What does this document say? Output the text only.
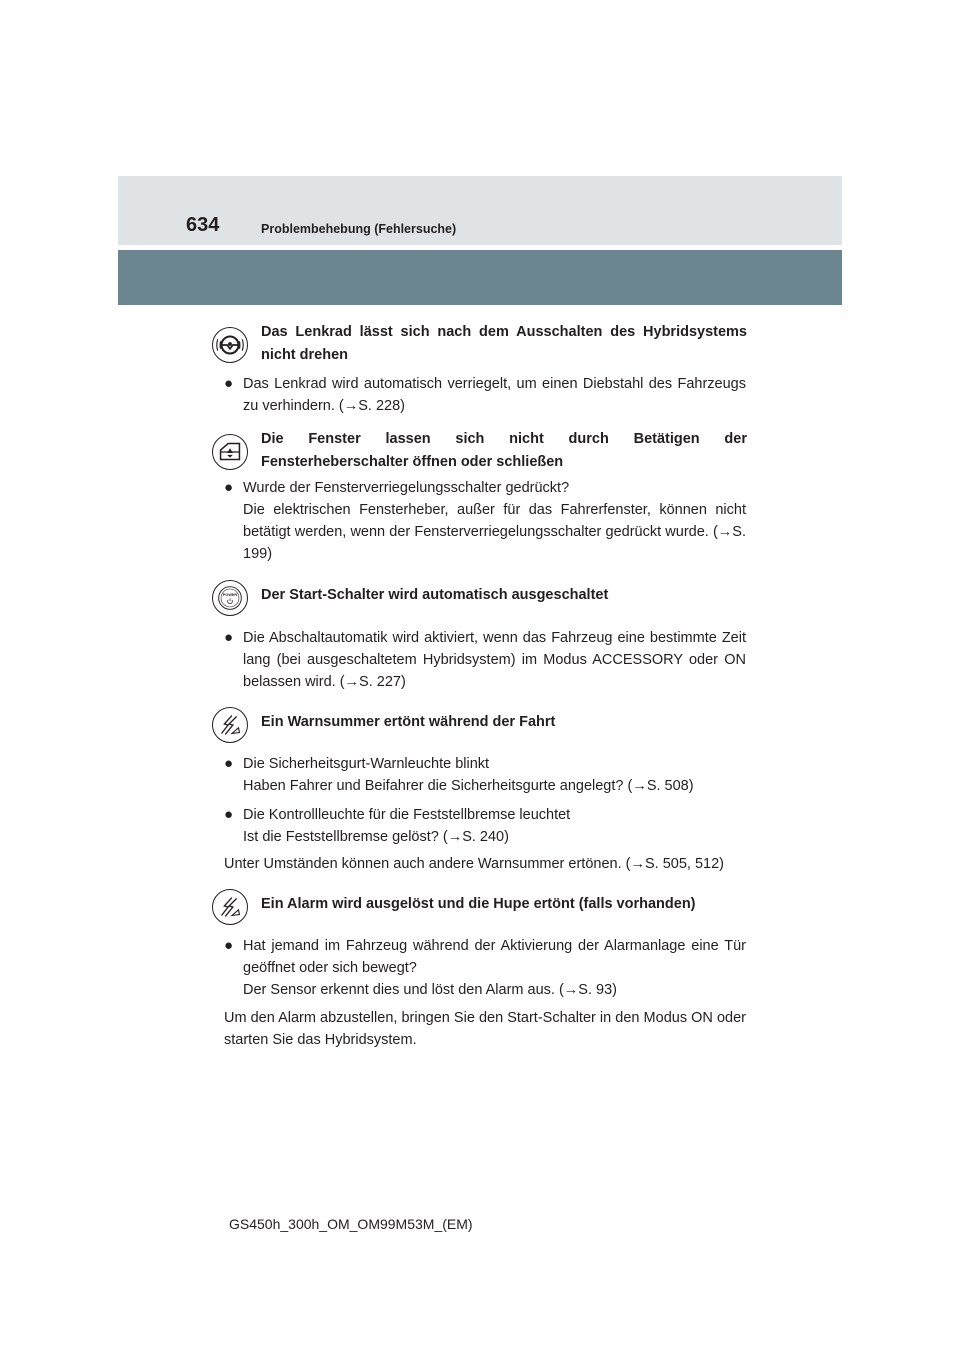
634	Problembehebung (Fehlersuche)
Das Lenkrad lässt sich nach dem Ausschalten des Hybridsystems nicht drehen
● Das Lenkrad wird automatisch verriegelt, um einen Diebstahl des Fahrzeugs zu verhindern. (→S. 228)
Die Fenster lassen sich nicht durch Betätigen der Fensterheberschalter öffnen oder schließen
● Wurde der Fensterverriegelungsschalter gedrückt?
Die elektrischen Fensterheber, außer für das Fahrerfenster, können nicht betätigt werden, wenn der Fensterverriegelungsschalter gedrückt wurde. (→S. 199)
POWER Der Start-Schalter wird automatisch ausgeschaltet
● Die Abschaltautomatik wird aktiviert, wenn das Fahrzeug eine bestimmte Zeit lang (bei ausgeschaltetem Hybridsystem) im Modus ACCESSORY oder ON belassen wird. (→S. 227)
Ein Warnsummer ertönt während der Fahrt
● Die Sicherheitsgurt-Warnleuchte blinkt
Haben Fahrer und Beifahrer die Sicherheitsgurte angelegt? (→S. 508)
● Die Kontrollleuchte für die Feststellbremse leuchtet
Ist die Feststellbremse gelöst? (→S. 240)
Unter Umständen können auch andere Warnsummer ertönen. (→S. 505, 512)
Ein Alarm wird ausgelöst und die Hupe ertönt (falls vorhanden)
● Hat jemand im Fahrzeug während der Aktivierung der Alarmanlage eine Tür geöffnet oder sich bewegt?
Der Sensor erkennt dies und löst den Alarm aus. (→S. 93)
Um den Alarm abzustellen, bringen Sie den Start-Schalter in den Modus ON oder starten Sie das Hybridsystem.
GS450h_300h_OM_OM99M53M_(EM)
